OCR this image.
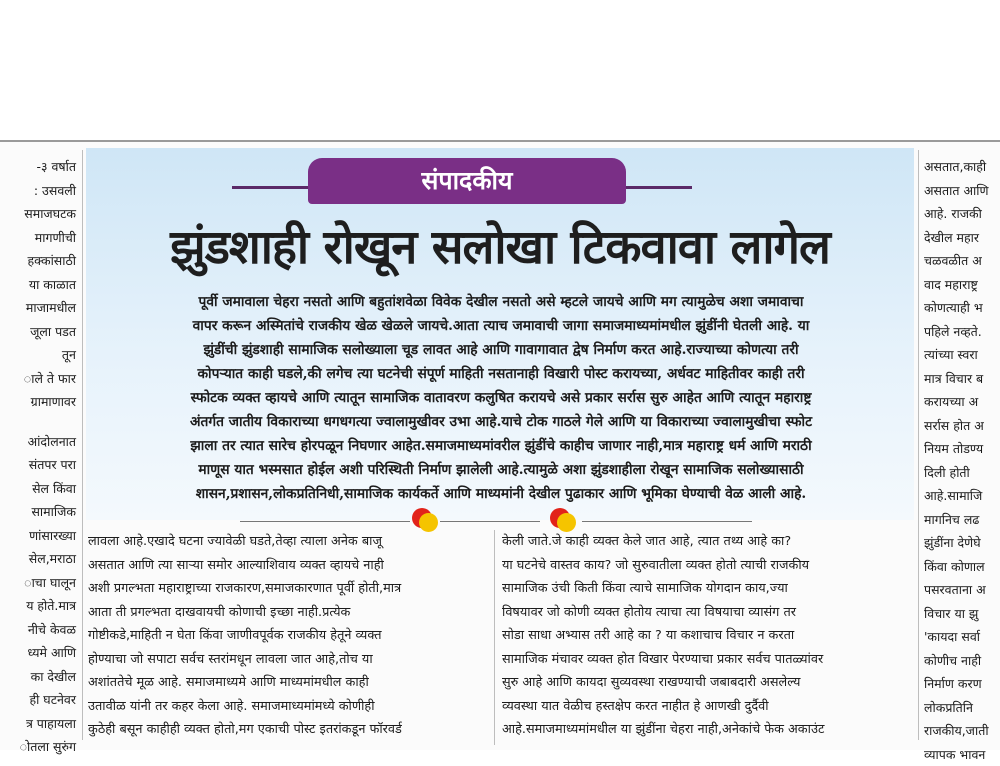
-३ वर्षात
: उसवली
समाजघटक
मागणीची
हक्कांसाठी
या काळात
माजामधील
जूला पडत
तून
ाले ते फार
ग्रामाणावर
आंदोलनात
संतपर परा
सेल किंवा
सामाजिक
णांसारख्या
सेल,मराठा
ाचा घालून
य होते.मात्र
नीचे केवळ
ध्यमे आणि
का देखील
ही घटनेवर
त्र पाहायला
ोतला सुरुंग
संपादकीय
झुंडशाही रोखून सलोखा टिकवावा लागेल
पूर्वी जमावाला चेहरा नसतो आणि बहुतांशवेळा विवेक देखील नसतो असे म्हटले जायचे आणि मग त्यामुळेच अशा जमावाचा
वापर करून अस्मितांचे राजकीय खेळ खेळले जायचे.आता त्याच जमावाची जागा समाजमाध्यमांमधील झुंडींनी घेतली आहे. या
झुंडींची झुंडशाही सामाजिक सलोख्याला चूड लावत आहे आणि गावागावात द्वेष निर्माण करत आहे.राज्याच्या कोणत्या तरी
कोपऱ्यात काही घडले,की लगेच त्या घटनेची संपूर्ण माहिती नसतानाही विखारी पोस्ट करायच्या, अर्धवट माहितीवर काही तरी
स्फोटक व्यक्त व्हायचे आणि त्यातून सामाजिक वातावरण कलुषित करायचे असे प्रकार सर्रास सुरु आहेत आणि त्यातून महाराष्ट्र
अंतर्गत जातीय विकाराच्या धगधगत्या ज्वालामुखीवर उभा आहे.याचे टोक गाठले गेले आणि या विकाराच्या ज्वालामुखीचा स्फोट
झाला तर त्यात सारेच होरपळून निघणार आहेत.समाजमाध्यमांवरील झुंडींचे काहीच जाणार नाही,मात्र महाराष्ट्र धर्म आणि मराठी
माणूस यात भस्मसात होईल अशी परिस्थिती निर्माण झालेली आहे.त्यामुळे अशा झुंडशाहीला रोखून सामाजिक सलोख्यासाठी
शासन,प्रशासन,लोकप्रतिनिधी,सामाजिक कार्यकर्ते आणि माध्यमांनी देखील पुढाकार आणि भूमिका घेण्याची वेळ आली आहे.
लावला आहे.एखादे घटना ज्यावेळी घडते,तेव्हा त्याला अनेक बाजू
असतात आणि त्या साऱ्या समोर आल्याशिवाय व्यक्त व्हायचे नाही
अशी प्रगल्भता महाराष्ट्राच्या राजकारण,समाजकारणात पूर्वी होती,मात्र
आता ती प्रगल्भता दाखवायची कोणाची इच्छा नाही.प्रत्येक
गोष्टीकडे,माहिती न घेता किंवा जाणीवपूर्वक राजकीय हेतूने व्यक्त
होण्याचा जो सपाटा सर्वच स्तरांमधून लावला जात आहे,तोच या
अशांततेचे मूळ आहे. समाजमाध्यमे आणि माध्यमांमधील काही
उतावीळ यांनी तर कहर केला आहे. समाजमाध्यमांमध्ये कोणीही
कुठेही बसून काहीही व्यक्त होतो,मग एकाची पोस्ट इतरांकडून फॉरवर्ड
केली जाते.जे काही व्यक्त केले जात आहे, त्यात तथ्य आहे का?
या घटनेचे वास्तव काय? जो सुरुवातीला व्यक्त होतो त्याची राजकीय
सामाजिक उंची किती किंवा त्याचे सामाजिक योगदान काय,ज्या
विषयावर जो कोणी व्यक्त होतोय त्याचा त्या विषयाचा व्यासंग तर
सोडा साधा अभ्यास तरी आहे का ? या कशाचाच विचार न करता
सामाजिक मंचावर व्यक्त होत विखार पेरण्याचा प्रकार सर्वच पातळ्यांवर
सुरु आहे आणि कायदा सुव्यवस्था राखण्याची जबाबदारी असलेल्य
व्यवस्था यात वेळीच हस्तक्षेप करत नाहीत हे आणखी दुर्दैवी
आहे.समाजमाध्यमांमधील या झुंडींना चेहरा नाही,अनेकांचे फेक अकाउंट
असतात,काही
असतात आणि
आहे. राजकी
देखील महार
चळवळीत अ
वाद महाराष्ट्र
कोणत्याही भ
पहिले नव्हते.
त्यांच्या स्वरा
मात्र विचार ब
करायच्या अ
सर्रास होत अ
नियम तोडण्य
दिली होती
आहे.सामाजि
मागनिच लढ
झुंडींना देणेघे
किंवा कोणाल
पसरवताना अ
विचार या झु
'कायदा सर्वा
कोणीच नाही
निर्माण करण
लोकप्रतिनि
राजकीय,जाती
व्यापक भावन
